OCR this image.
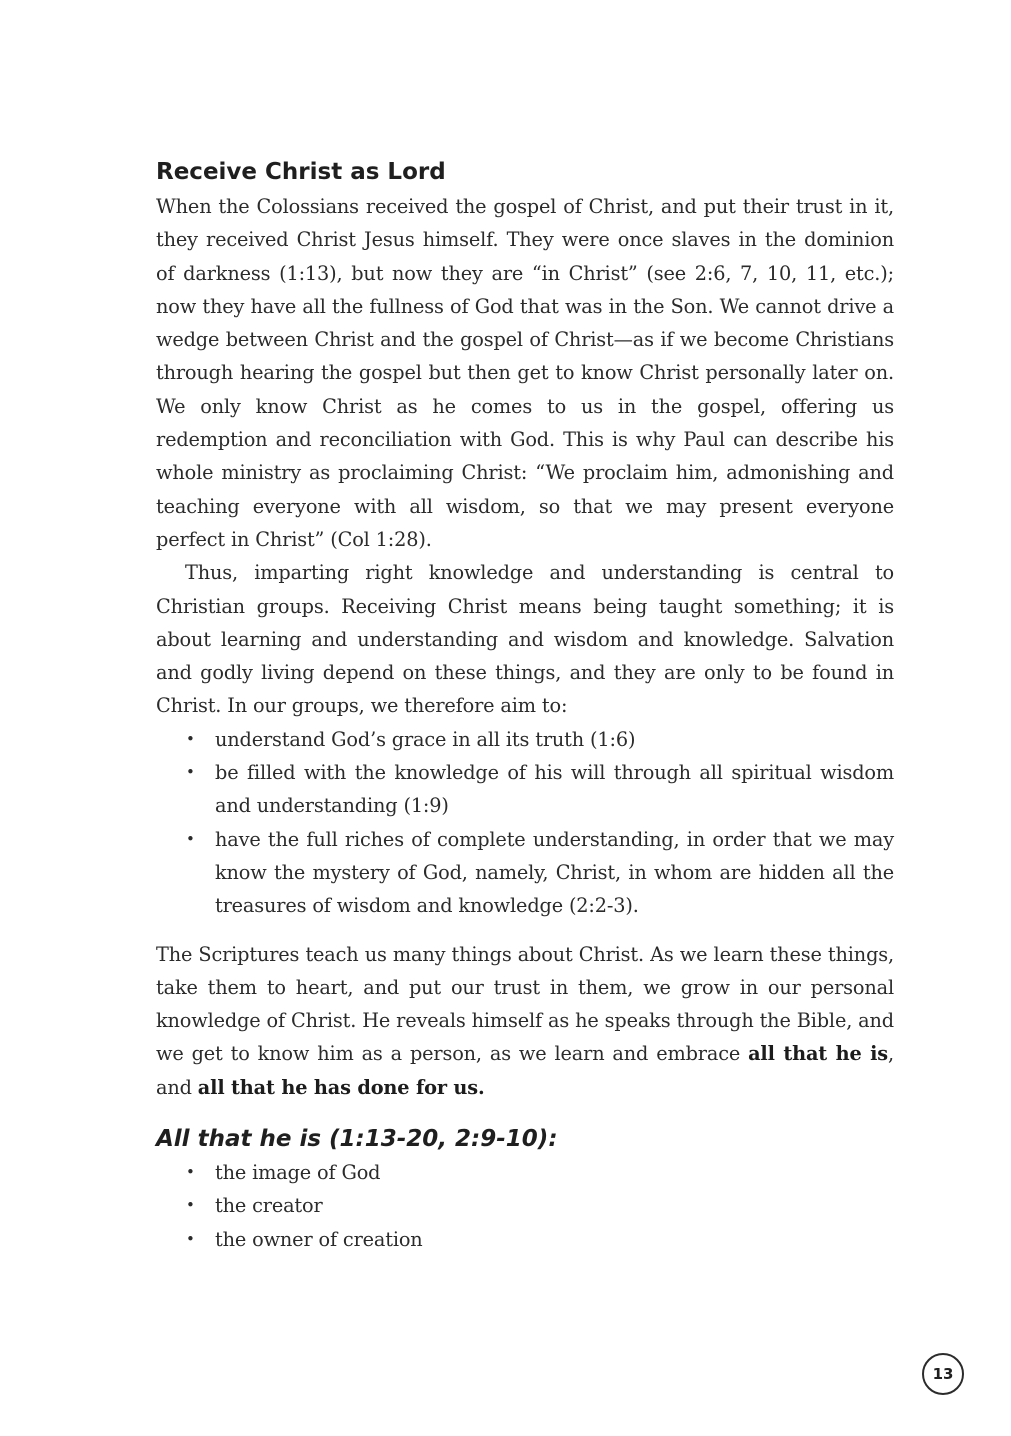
Receive Christ as Lord

When the Colossians received the gospel of Christ, and put their trust in it, they received Christ Jesus himself. They were once slaves in the dominion of darkness (1:13), but now they are “in Christ” (see 2:6, 7, 10, 11, etc.); now they have all the fullness of God that was in the Son. We cannot drive a wedge between Christ and the gospel of Christ—as if we become Christians through hearing the gospel but then get to know Christ personally later on. We only know Christ as he comes to us in the gospel, offering us redemption and reconciliation with God. This is why Paul can describe his whole ministry as proclaiming Christ: “We proclaim him, admonishing and teaching everyone with all wisdom, so that we may present everyone perfect in Christ” (Col 1:28).

Thus, imparting right knowledge and understanding is central to Christian groups. Receiving Christ means being taught something; it is about learning and understanding and wisdom and knowledge. Salvation and godly living depend on these things, and they are only to be found in Christ. In our groups, we therefore aim to:

• understand God’s grace in all its truth (1:6)
• be filled with the knowledge of his will through all spiritual wisdom and understanding (1:9)
• have the full riches of complete understanding, in order that we may know the mystery of God, namely, Christ, in whom are hidden all the treasures of wisdom and knowledge (2:2-3).

The Scriptures teach us many things about Christ. As we learn these things, take them to heart, and put our trust in them, we grow in our personal knowledge of Christ. He reveals himself as he speaks through the Bible, and we get to know him as a person, as we learn and embrace all that he is, and all that he has done for us.

All that he is (1:13-20, 2:9-10):
• the image of God
• the creator
• the owner of creation
13
